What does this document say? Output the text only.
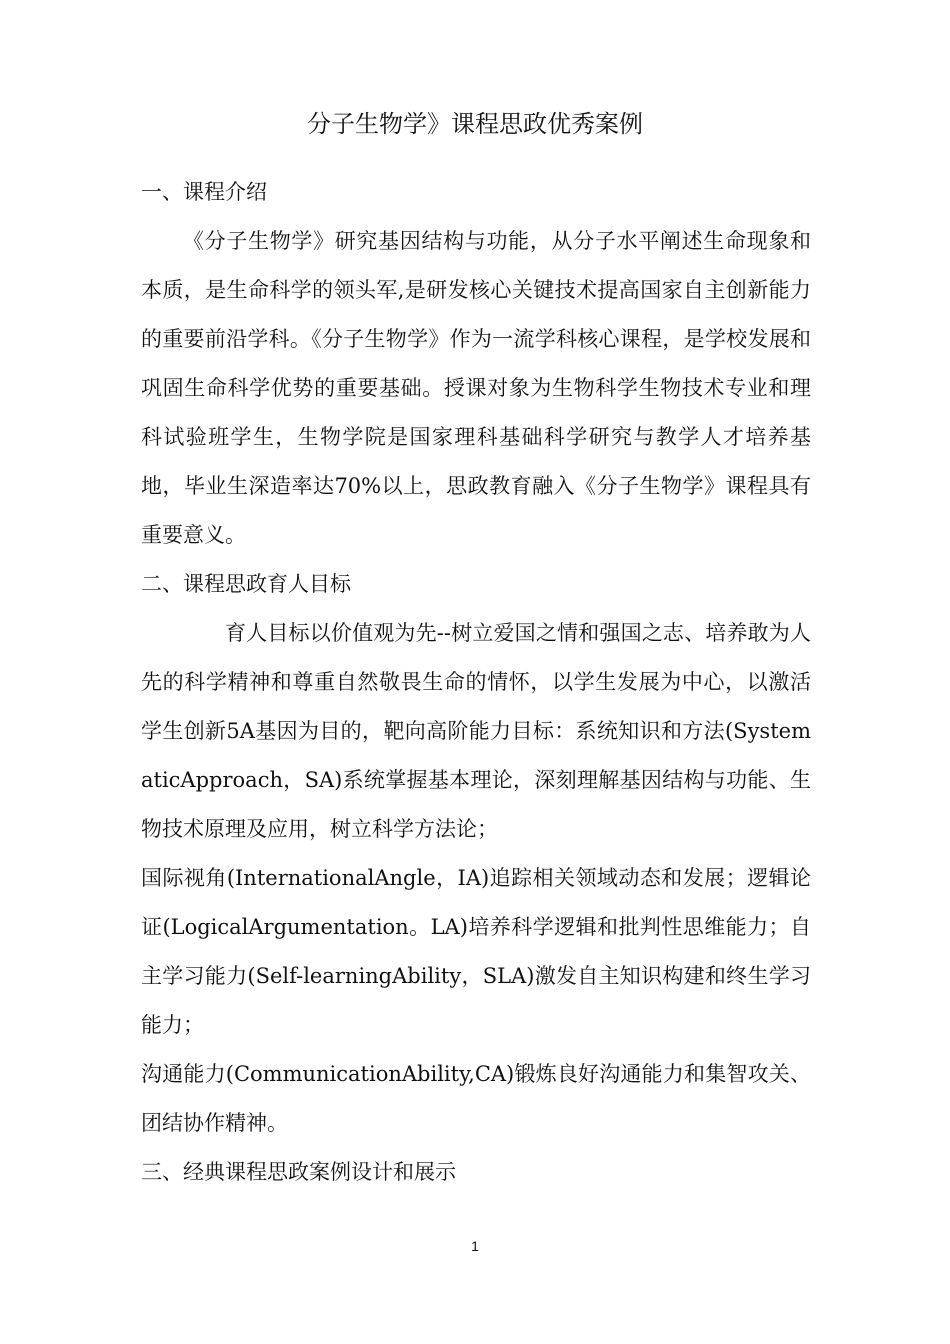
分子生物学》课程思政优秀案例

一、课程介绍

《分子生物学》研究基因结构与功能，从分子水平阐述生命现象和本质，是生命科学的领头军,是研发核心关键技术提高国家自主创新能力的重要前沿学科。《分子生物学》作为一流学科核心课程，是学校发展和巩固生命科学优势的重要基础。授课对象为生物科学生物技术专业和理科试验班学生，生物学院是国家理科基础科学研究与教学人才培养基地，毕业生深造率达70%以上，思政教育融入《分子生物学》课程具有重要意义。

二、课程思政育人目标

育人目标以价值观为先--树立爱国之情和强国之志、培养敢为人先的科学精神和尊重自然敬畏生命的情怀，以学生发展为中心，以激活学生创新5A基因为目的，靶向高阶能力目标：系统知识和方法(SystematicApproach，SA)系统掌握基本理论，深刻理解基因结构与功能、生物技术原理及应用，树立科学方法论；

国际视角(InternationalAngle，IA)追踪相关领域动态和发展；逻辑论证(LogicalArgumentation。LA)培养科学逻辑和批判性思维能力；自主学习能力(Self-learningAbility，SLA)激发自主知识构建和终生学习能力；

沟通能力(CommunicationAbility,CA)锻炼良好沟通能力和集智攻关、团结协作精神。

三、经典课程思政案例设计和展示

1
